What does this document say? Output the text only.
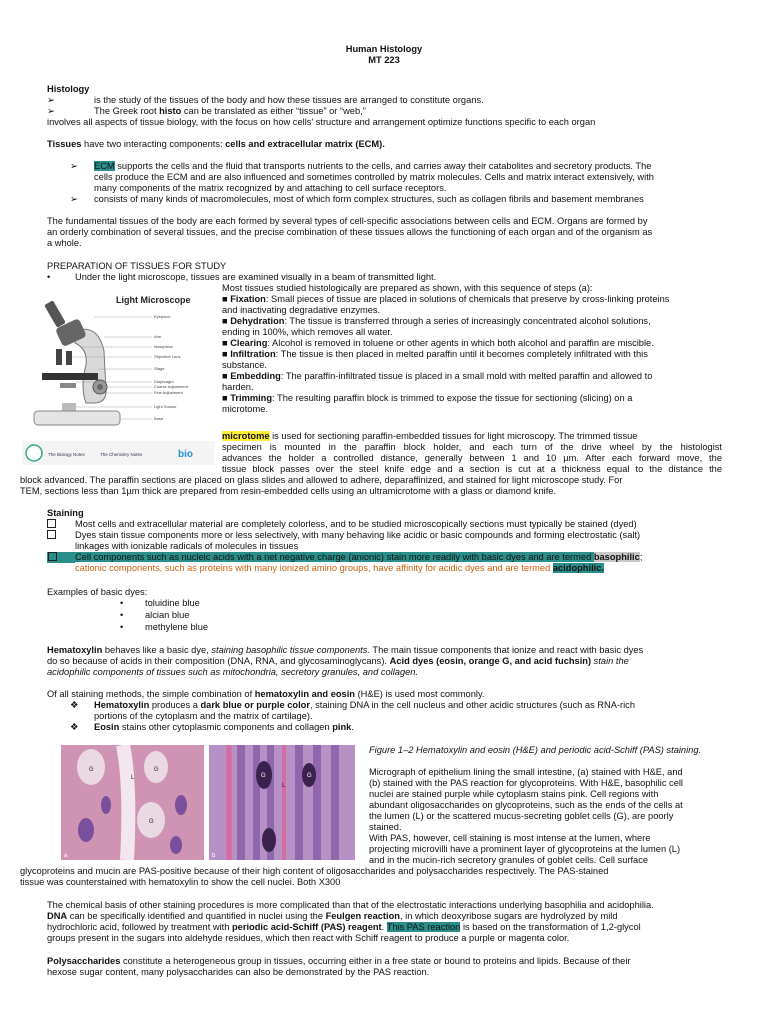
Human Histology
MT 223
Histology
➢	is the study of the tissues of the body and how these tissues are arranged to constitute organs.
➢	The Greek root histo can be translated as either “tissue” or “web,”
involves all aspects of tissue biology, with the focus on how cells’ structure and arrangement optimize functions specific to each organ
Tissues have two interacting components: cells and extracellular matrix (ECM).
➢ ECM supports the cells and the fluid that transports nutrients to the cells, and carries away their catabolites and secretory products. The
cells produce the ECM and are also influenced and sometimes controlled by matrix molecules. Cells and matrix interact extensively, with
many components of the matrix recognized by and attaching to cell surface receptors.
➢ consists of many kinds of macromolecules, most of which form complex structures, such as collagen fibrils and basement membranes
The fundamental tissues of the body are each formed by several types of cell-specific associations between cells and ECM. Organs are formed by
an orderly combination of several tissues, and the precise combination of these tissues allows the functioning of each organ and of the organism as
a whole.
PREPARATION OF TISSUES FOR STUDY
•	Under the light microscope, tissues are examined visually in a beam of transmitted light.
Most tissues studied histologically are prepared as shown, with this sequence of steps (a):
■ Fixation: Small pieces of tissue are placed in solutions of chemicals that preserve by cross-linking proteins
and inactivating degradative enzymes.
■ Dehydration: The tissue is transferred through a series of increasingly concentrated alcohol solutions,
ending in 100%, which removes all water.
■ Clearing: Alcohol is removed in toluene or other agents in which both alcohol and paraffin are miscible.
■ Infiltration: The tissue is then placed in melted paraffin until it becomes completely infiltrated with this
substance.
■ Embedding: The paraffin-infiltrated tissue is placed in a small mold with melted paraffin and allowed to
harden.
■ Trimming: The resulting paraffin block is trimmed to expose the tissue for sectioning (slicing) on a
microtome.
Light Microscope
Eyepiece
Arm
Nosepiece
Objective Lens
Stage
Diaphragm
Coarse Adjustment
Fine Adjustment
Light Source
Base
The Biology Notes	The Chemistry Notes	bio
microtome is used for sectioning paraffin-embedded tissues for light microscopy. The trimmed tissue
specimen is mounted in the paraffin block holder, and each turn of the drive wheel by the histologist
advances the holder a controlled distance, generally between 1 and 10 µm. After each forward move, the
tissue block passes over the steel knife edge and a section is cut at a thickness equal to the distance the
block advanced. The paraffin sections are placed on glass slides and allowed to adhere, deparaffinized, and stained for light microscope study. For
TEM, sections less than 1µm thick are prepared from resin-embedded cells using an ultramicrotome with a glass or diamond knife.
Staining
Most cells and extracellular material are completely colorless, and to be studied microscopically sections must typically be stained (dyed)
Dyes stain tissue components more or less selectively, with many behaving like acidic or basic compounds and forming electrostatic (salt)
linkages with ionizable radicals of molecules in tissues
Cell components such as nucleic acids with a net negative charge (anionic) stain more readily with basic dyes and are termed basophilic;
cationic components, such as proteins with many ionized amino groups, have affinity for acidic dyes and are termed acidophilic.
Examples of basic dyes:
• toluidine blue
• alcian blue
• methylene blue
Hematoxylin behaves like a basic dye, staining basophilic tissue components. The main tissue components that ionize and react with basic dyes
do so because of acids in their composition (DNA, RNA, and glycosaminoglycans). Acid dyes (eosin, orange G, and acid fuchsin) stain the
acidophilic components of tissues such as mitochondria, secretory granules, and collagen.
Of all staining methods, the simple combination of hematoxylin and eosin (H&E) is used most commonly.
❖ Hematoxylin produces a dark blue or purple color, staining DNA in the cell nucleus and other acidic structures (such as RNA-rich
portions of the cytoplasm and the matrix of cartilage).
❖ Eosin stains other cytoplasmic components and collagen pink.
G	G
G
L
a
L
G	G
b
Figure 1–2 Hematoxylin and eosin (H&E) and periodic acid-Schiff (PAS) staining.
Micrograph of epithelium lining the small intestine, (a) stained with H&E, and
(b) stained with the PAS reaction for glycoproteins. With H&E, basophilic cell
nuclei are stained purple while cytoplasm stains pink. Cell regions with
abundant oligosaccharides on glycoproteins, such as the ends of the cells at
the lumen (L) or the scattered mucus-secreting goblet cells (G), are poorly
stained.
With PAS, however, cell staining is most intense at the lumen, where
projecting microvilli have a prominent layer of glycoproteins at the lumen (L)
and in the mucin-rich secretory granules of goblet cells. Cell surface
glycoproteins and mucin are PAS-positive because of their high content of oligosaccharides and polysaccharides respectively. The PAS-stained
tissue was counterstained with hematoxylin to show the cell nuclei. Both X300
The chemical basis of other staining procedures is more complicated than that of the electrostatic interactions underlying basophilia and acidophilia.
DNA can be specifically identified and quantified in nuclei using the Feulgen reaction, in which deoxyribose sugars are hydrolyzed by mild
hydrochloric acid, followed by treatment with periodic acid-Schiff (PAS) reagent. This PAS reaction is based on the transformation of 1,2-glycol
groups present in the sugars into aldehyde residues, which then react with Schiff reagent to produce a purple or magenta color.
Polysaccharides constitute a heterogeneous group in tissues, occurring either in a free state or bound to proteins and lipids. Because of their
hexose sugar content, many polysaccharides can also be demonstrated by the PAS reaction.
